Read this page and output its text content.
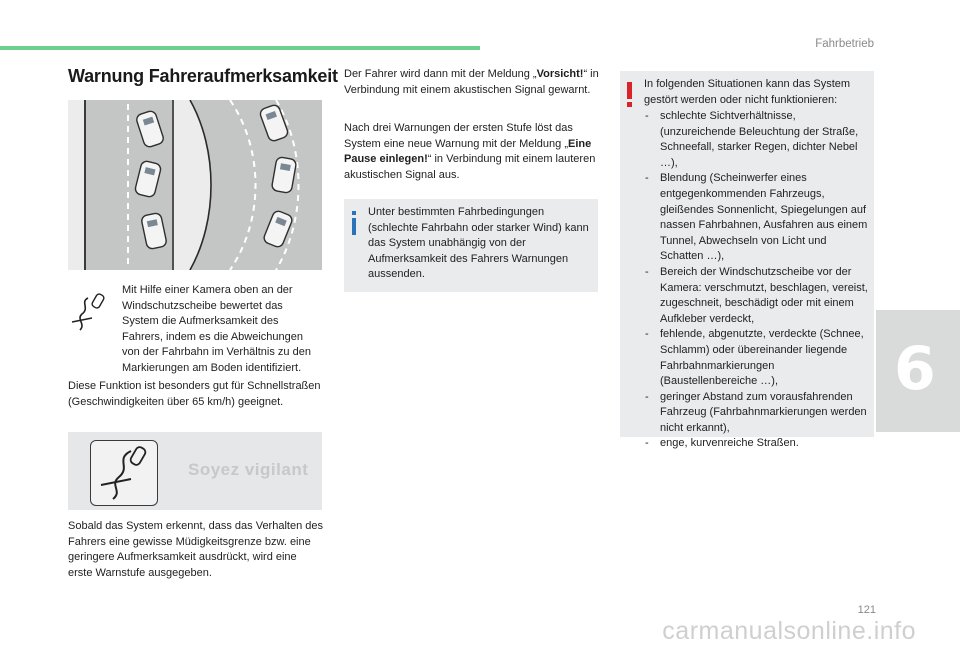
Fahrbetrieb
6
Warnung Fahreraufmerksamkeit

Mit Hilfe einer Kamera oben an der Windschutzscheibe bewertet das System die Aufmerksamkeit des Fahrers, indem es die Abweichungen von der Fahrbahn im Verhältnis zu den Markierungen am Boden identifiziert.

Diese Funktion ist besonders gut für Schnellstraßen (Geschwindigkeiten über 65 km/h) geeignet.

Soyez vigilant

Sobald das System erkennt, dass das Verhalten des Fahrers eine gewisse Müdigkeitsgrenze bzw. eine geringere Aufmerksamkeit ausdrückt, wird eine erste Warnstufe ausgegeben.

Der Fahrer wird dann mit der Meldung „Vorsicht!“ in Verbindung mit einem akustischen Signal gewarnt.

Nach drei Warnungen der ersten Stufe löst das System eine neue Warnung mit der Meldung „Eine Pause einlegen!“ in Verbindung mit einem lauteren akustischen Signal aus.

Unter bestimmten Fahrbedingungen (schlechte Fahrbahn oder starker Wind) kann das System unabhängig von der Aufmerksamkeit des Fahrers Warnungen aussenden.

In folgenden Situationen kann das System gestört werden oder nicht funktionieren:

- schlechte Sichtverhältnisse, (unzureichende Beleuchtung der Straße, Schneefall, starker Regen, dichter Nebel …),
- Blendung (Scheinwerfer eines entgegenkommenden Fahrzeugs, gleißendes Sonnenlicht, Spiegelungen auf nassen Fahrbahnen, Ausfahren aus einem Tunnel, Abwechseln von Licht und Schatten …),
- Bereich der Windschutzscheibe vor der Kamera: verschmutzt, beschlagen, vereist, zugeschneit, beschädigt oder mit einem Aufkleber verdeckt,
- fehlende, abgenutzte, verdeckte (Schnee, Schlamm) oder übereinander liegende Fahrbahnmarkierungen (Baustellenbereiche …),
- geringer Abstand zum vorausfahrenden Fahrzeug (Fahrbahnmarkierungen werden nicht erkannt),
- enge, kurvenreiche Straßen.
121
carmanualsonline.info
